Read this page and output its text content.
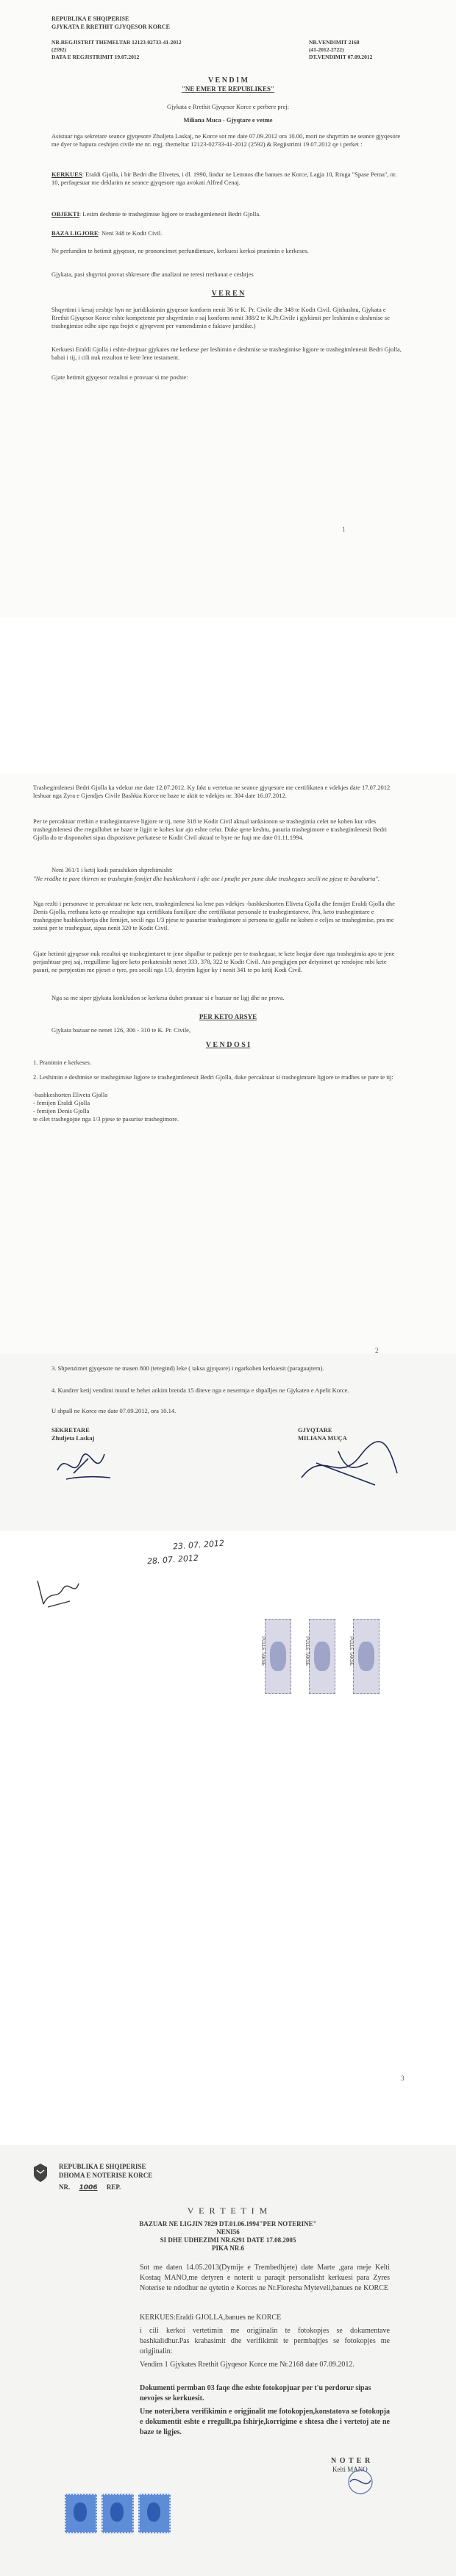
REPUBLIKA E SHQIPERISE
GJYKATA E RRETHIT GJYQESOR KORCE
NR.REGJISTRIT THEMELTAR 12123-02733-41-2012
(2592)
DATA E REGJISTRIMIT 19.07.2012
NR.VENDIMIT 2168
(41-2012-2722)
DT.VENDIMIT 07.09.2012
V E N D I M
"NE EMER TE REPUBLIKES"
Gjykata e Rrethit Gjyqesor Korce e perbere prej:
Miliana Muca - Gjyqtare e vetme
Asistuar nga sekretare seance gjyqesore Zhuljeta Laskaj, ne Korce sot me date 07.09.2012 ora 10.00, mori ne shqyrtim ne seance gjyqesore me dyer te hapura ceshtjen civile me nr. regj. themeltar 12123-02733-41-2012 (2592) & Regjistrimi 19.07.2012 qe i perket :
KERKUES: Eraldi Gjolla, i bir Bedri dhe Elivetes, i dl. 1990, lindur ne Lemnos dhe banues ne Korce, Lagja 10, Rruga "Spase Pema", nr. 10, perfaqesuar me deklarim ne seance gjyqesore nga avokati Alfred Cenaj.
OBJEKTI: Lesim deshmie te trashegimise ligjore te trashegimlenesit Bedri Gjolla.
BAZA LIGJORE: Neni 348 te Kodit Civil.
Ne perfundim te hetimit gjyqesor, ne prononcimet perfundimtare, kerkuesi kerkoi pranimin e kerkeses.
Gjykata, pasi shqyrtoi provat shkresore dhe analizoi ne teresi rrethanat e ceshtjes
V E R E N
Shqyrtimi i kesaj ceshtje hyn ne juridiksionin gjyqesor konform nenit 36 te K. Pr. Civile dhe 348 te Kodit Civil. Gjithashtu, Gjykata e Rrethit Gjyqesor Korce eshte kompetente per shqyrtimin e saj konform nenit 388/2 te K.Pr.Civile i gjykimit per leshimin e deshmise se trashegimise edhe sipe nga frojet e gjyqevent per vamendimin e faktave juridike.)
Kerkuesi Eraldi Gjolla i eshte drejtuar gjykates me kerkese per leshimin e deshmise se trashegimise ligjore te trashegimlenesit Bedri Gjolla, babai i tij, i cili nuk rezulton te kete lene testament.
Gjate hetimit gjyqesor rezultoi e provuar si me poshte:
1
Trashegimlenesi Bedri Gjolla ka vdekur me date 12.07.2012. Ky fakt u vertetua ne seance gjyqesore me certifikaten e vdekjes date 17.07.2012 leshuar nga Zyra e Gjendjes Civile Bashkia Korce ne baze te aktit te vdekjes nr. 304 date 16.07.2012.
Per te percaktuar rrethin e trashegimtareve ligjore te tij, nene 318 te Kodit Civil aktual tanksionon se trashegimia celet ne kohen kur vdes trashegimlenesi dhe rregullohet ne baze te ligjit te kohes kur ajo eshte celur. Duke qene keshtu, pasuria trashegimore e trashegimlenesit Bedri Gjolla do te disponohet sipas dispozitave perkatese te Kodit Civil aktual te hyre ne fuqi me date 01.11.1994.
Neni 361/1 i ketij kodi parashikon shprehimisht:
"Ne rradhe te pare thirren ne trashegim femijet dhe bashkeshorti i afte ose i pnafte per pune duke trashegues secili ne pjese te barabarta".
Nga rezlti i personave te percaktuar ne kete nen, trashegimlenesi ka lene pas vdekjes -bashkeshorten Eliveta Gjolla dhe femijet Eraldi Gjolla dhe Denis Gjolla, rrethana keto qe rezultojne nga certifikata familjare dhe certifikatat personale te trashegimtareve. Pra, keto trashegimtare e trashegojne bashkeshortja dhe femijet, secili nga 1/3 pjese te pasurise trashegimore si persona te gjalle ne kohen e celjes se trashegimise, pra me zotesi per te trasheguar, sipas nenit 320 te Kodit Civil.
Gjate hetimit gjyqesor nuk rezultoi qe trashegimtaret te jene shpallur te padenje per te trasheguar, te kete heqjar dore nga trashegimia apo te jene perjashtuar prej saj, rregullime ligjore keto perkatesisht nenet 333, 378, 322 te Kodit Civil. Ato pergjigjen per detyrimet qe rendojne mbi kete pasuri, ne perpjestim me pjeset e tyre, pra secili nga 1/3, detyrim ligjor ky i nenit 341 te po ketij Kodi Civil.
Nga sa me siper gjykata konkludon se kerkesa duhet pranuar si e bazuar ne ligj dhe ne prova.
PER KETO ARSYE
Gjykata bazuar ne nenet 126, 306 - 310 te K. Pr. Civile,
V E N D O S I
1. Pranimin e kerkeses.
2. Leshimin e deshmise se trashegimise ligjore te trashegimlenesit Bedri Gjolla, duke percaktuar si trashegimtare ligjore te rradhes se pare te tij:
-bashkeshorten Eliveta Gjolla
- femijen Eraldi Gjolla
- femijen Denis Gjolla
te cilet trashegojne nga 1/3 pjese te pasurise trashegimore.
2
3. Shpenzimet gjyqesore ne masen 800 (tetegind) leke ( taksa gjyqsore) i ngarkohen kerkuesit (paraguajtem).
4. Kundrer ketij vendimi mund te behet ankim brenda 15 diteve nga e nesermja e shpalljes ne Gjykaten e Apelit Korce.
U shpall ne Korce me date 07.09.2012, ora 10.14.
SEKRETARE
Zhuljeta Laskaj
GJYQTARE
MILIANA MUÇA
23. 07. 2012
28. 07. 2012
PULLE TAKSE	PULLE TAKSE	PULLE TAKSE
3
REPUBLIKA E SHQIPERISE
DHOMA E NOTERISE KORCE
NR. 1006 REP.
V E R T E T I M
BAZUAR NE LIGJIN 7829 DT.01.06.1994"PER NOTERINE"
NENI56
SI DHE UDHEZIMI NR.6291 DATE 17.08.2005
PIKA NR.6
Sot me daten 14.05.2013(Dymije e Trembedhjete) date Marte ,gara meje Kelti Kostaq MANO,me detyren e noterit u paraqit personalisht kerkuesi para Zyres Noterise te ndodhur ne qytetin e Korces ne Nr.Floresha Myteveli,banues ne KORCE
KERKUES:Eraldi GJOLLA,banues ne KORCE
i cili kerkoi vertetimin me origjinalin te fotokopjes se dokumentave bashkalidhur.Pas krahasimit dhe verifikimit te permbajtjes se fotokopjes me origjinalin:
Vendim 1 Gjykates Rrethit Gjyqesor Korce me Nr.2168 date 07.09.2012.
Dokumenti permban 03 faqe dhe eshte fotokopjuar per t'u perdorur sipas nevojes se kerkuesit.
Une noteri,bera verifikimin e origjinalit me fotokopjen,konstatova se fotokopja e dokumentit eshte e rregullt,pa fshirje,korrigime e shtesa dhe i vertetoj ate ne baze te ligjes.
N O T E R
Kelti MANO
